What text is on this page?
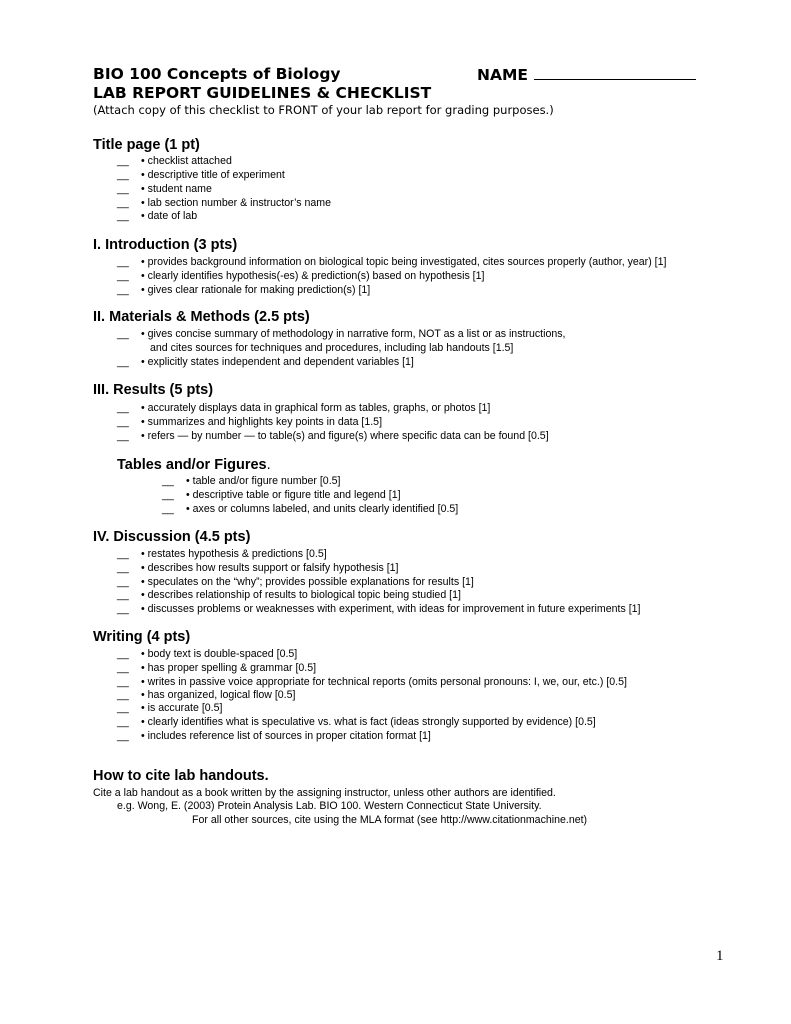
BIO 100 Concepts of Biology	NAME
LAB REPORT GUIDELINES & CHECKLIST
(Attach copy of this checklist to FRONT of your lab report for grading purposes.)
Title page (1 pt)
__ • checklist attached
__ • descriptive title of experiment
__ • student name
__ • lab section number & instructor’s name
__ • date of lab
I. Introduction (3 pts)
__ • provides background information on biological topic being investigated, cites sources properly (author, year) [1]
__ • clearly identifies hypothesis(-es) & prediction(s) based on hypothesis [1]
__ • gives clear rationale for making prediction(s) [1]
II. Materials & Methods (2.5 pts)
__ • gives concise summary of methodology in narrative form, NOT as a list or as instructions,
and cites sources for techniques and procedures, including lab handouts [1.5]
__ • explicitly states independent and dependent variables [1]
III. Results (5 pts)
__ • accurately displays data in graphical form as tables, graphs, or photos [1]
__ • summarizes and highlights key points in data [1.5]
__ • refers — by number — to table(s) and figure(s) where specific data can be found [0.5]
Tables and/or Figures.
__ • table and/or figure number [0.5]
__ • descriptive table or figure title and legend [1]
__ • axes or columns labeled, and units clearly identified [0.5]
IV. Discussion (4.5 pts)
__ • restates hypothesis & predictions [0.5]
__ • describes how results support or falsify hypothesis [1]
__ • speculates on the “why”; provides possible explanations for results [1]
__ • describes relationship of results to biological topic being studied [1]
__ • discusses problems or weaknesses with experiment, with ideas for improvement in future experiments [1]
Writing (4 pts)
__ • body text is double-spaced [0.5]
__ • has proper spelling & grammar [0.5]
__ • writes in passive voice appropriate for technical reports (omits personal pronouns: I, we, our, etc.) [0.5]
__ • has organized, logical flow [0.5]
__ • is accurate [0.5]
__ • clearly identifies what is speculative vs. what is fact (ideas strongly supported by evidence) [0.5]
__ • includes reference list of sources in proper citation format [1]
How to cite lab handouts.
Cite a lab handout as a book written by the assigning instructor, unless other authors are identified.
e.g. Wong, E. (2003) Protein Analysis Lab. BIO 100. Western Connecticut State University.
For all other sources, cite using the MLA format (see http://www.citationmachine.net)
1
